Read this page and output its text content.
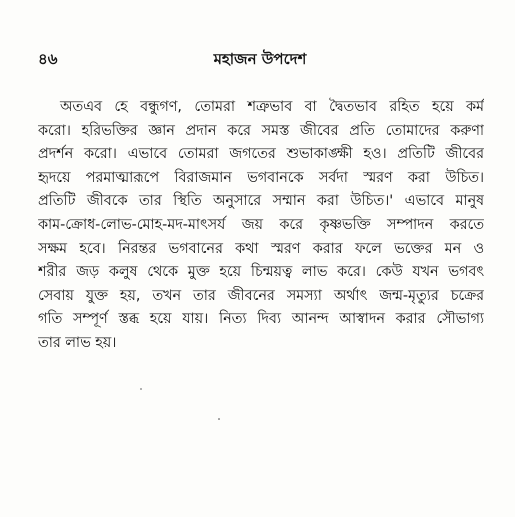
৪৬	মহাজন উপদেশ
অতএব হে বন্ধুগণ, তোমরা শত্রুভাব বা দ্বৈতভাব রহিত হয়ে কর্ম
করো। হরিভক্তির জ্ঞান প্রদান করে সমস্ত জীবের প্রতি তোমাদের করুণা
প্রদর্শন করো। এভাবে তোমরা জগতের শুভাকাঙ্ক্ষী হও। প্রতিটি জীবের
হৃদয়ে পরমাত্মারূপে বিরাজমান ভগবানকে সর্বদা স্মরণ করা উচিত।
প্রতিটি জীবকে তার স্থিতি অনুসারে সম্মান করা উচিত।' এভাবে মানুষ
কাম-ক্রোধ-লোভ-মোহ-মদ-মাৎসর্য জয় করে কৃষ্ণভক্তি সম্পাদন করতে
সক্ষম হবে। নিরন্তর ভগবানের কথা স্মরণ করার ফলে ভক্তের মন ও
শরীর জড় কলুষ থেকে মুক্ত হয়ে চিন্ময়ত্ব লাভ করে। কেউ যখন ভগবৎ
সেবায় যুক্ত হয়, তখন তার জীবনের সমস্যা অর্থাৎ জন্ম-মৃত্যুর চক্রের
গতি সম্পূর্ণ স্তব্ধ হয়ে যায়। নিত্য দিব্য আনন্দ আস্বাদন করার সৌভাগ্য
তার লাভ হয়।
